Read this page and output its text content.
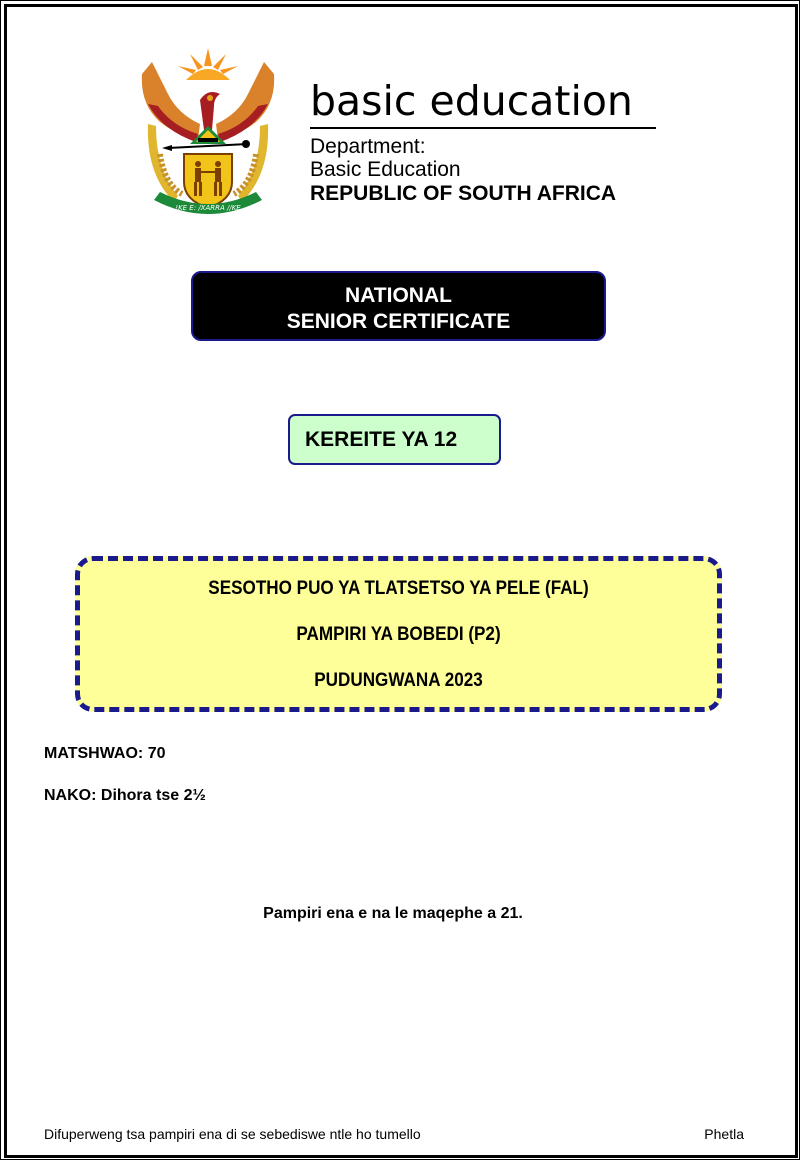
!KE E: /XARRA //KE
basic education
Department:
Basic Education
REPUBLIC OF SOUTH AFRICA
NATIONAL
SENIOR CERTIFICATE
KEREITE YA 12
SESOTHO PUO YA TLATSETSO YA PELE (FAL)
PAMPIRI YA BOBEDI (P2)
PUDUNGWANA 2023
MATSHWAO: 70
NAKO: Dihora tse 2½
Pampiri ena e na le maqephe a 21.
Difuperweng tsa pampiri ena di se sebediswe ntle ho tumello	Phetla
